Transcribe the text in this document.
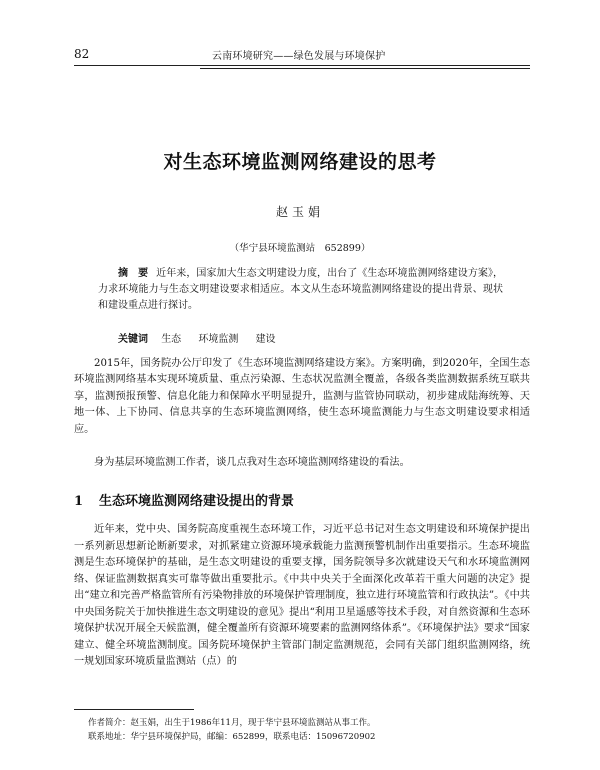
82	云南环境研究——绿色发展与环境保护
对生态环境监测网络建设的思考
赵玉娟
（华宁县环境监测站　652899）

摘　要 近年来，国家加大生态文明建设力度，出台了《生态环境监测网络建设方案》，力求环境能力与生态文明建设要求相适应。本文从生态环境监测网络建设的提出背景、现状和建设重点进行探讨。

关键词 生态 环境监测 建设

2015年，国务院办公厅印发了《生态环境监测网络建设方案》。方案明确，到2020年，全国生态环境监测网络基本实现环境质量、重点污染源、生态状况监测全覆盖，各级各类监测数据系统互联共享，监测预报预警、信息化能力和保障水平明显提升，监测与监管协同联动，初步建成陆海统筹、天地一体、上下协同、信息共享的生态环境监测网络，使生态环境监测能力与生态文明建设要求相适应。

身为基层环境监测工作者，谈几点我对生态环境监测网络建设的看法。

1 生态环境监测网络建设提出的背景

近年来，党中央、国务院高度重视生态环境工作，习近平总书记对生态文明建设和环境保护提出一系列新思想新论断新要求，对抓紧建立资源环境承载能力监测预警机制作出重要指示。生态环境监测是生态环境保护的基础，是生态文明建设的重要支撑，国务院领导多次就建设天气和水环境监测网络、保证监测数据真实可靠等做出重要批示。《中共中央关于全面深化改革若干重大问题的决定》提出“建立和完善严格监管所有污染物排放的环境保护管理制度，独立进行环境监管和行政执法”。《中共中央国务院关于加快推进生态文明建设的意见》提出“利用卫星遥感等技术手段，对自然资源和生态环境保护状况开展全天候监测，健全覆盖所有资源环境要素的监测网络体系”。《环境保护法》要求“国家建立、健全环境监测制度。国务院环境保护主管部门制定监测规范，会同有关部门组织监测网络，统一规划国家环境质量监测站（点）的

作者简介：赵玉娟，出生于1986年11月，现于华宁县环境监测站从事工作。

联系地址：华宁县环境保护局，邮编：652899，联系电话：15096720902
